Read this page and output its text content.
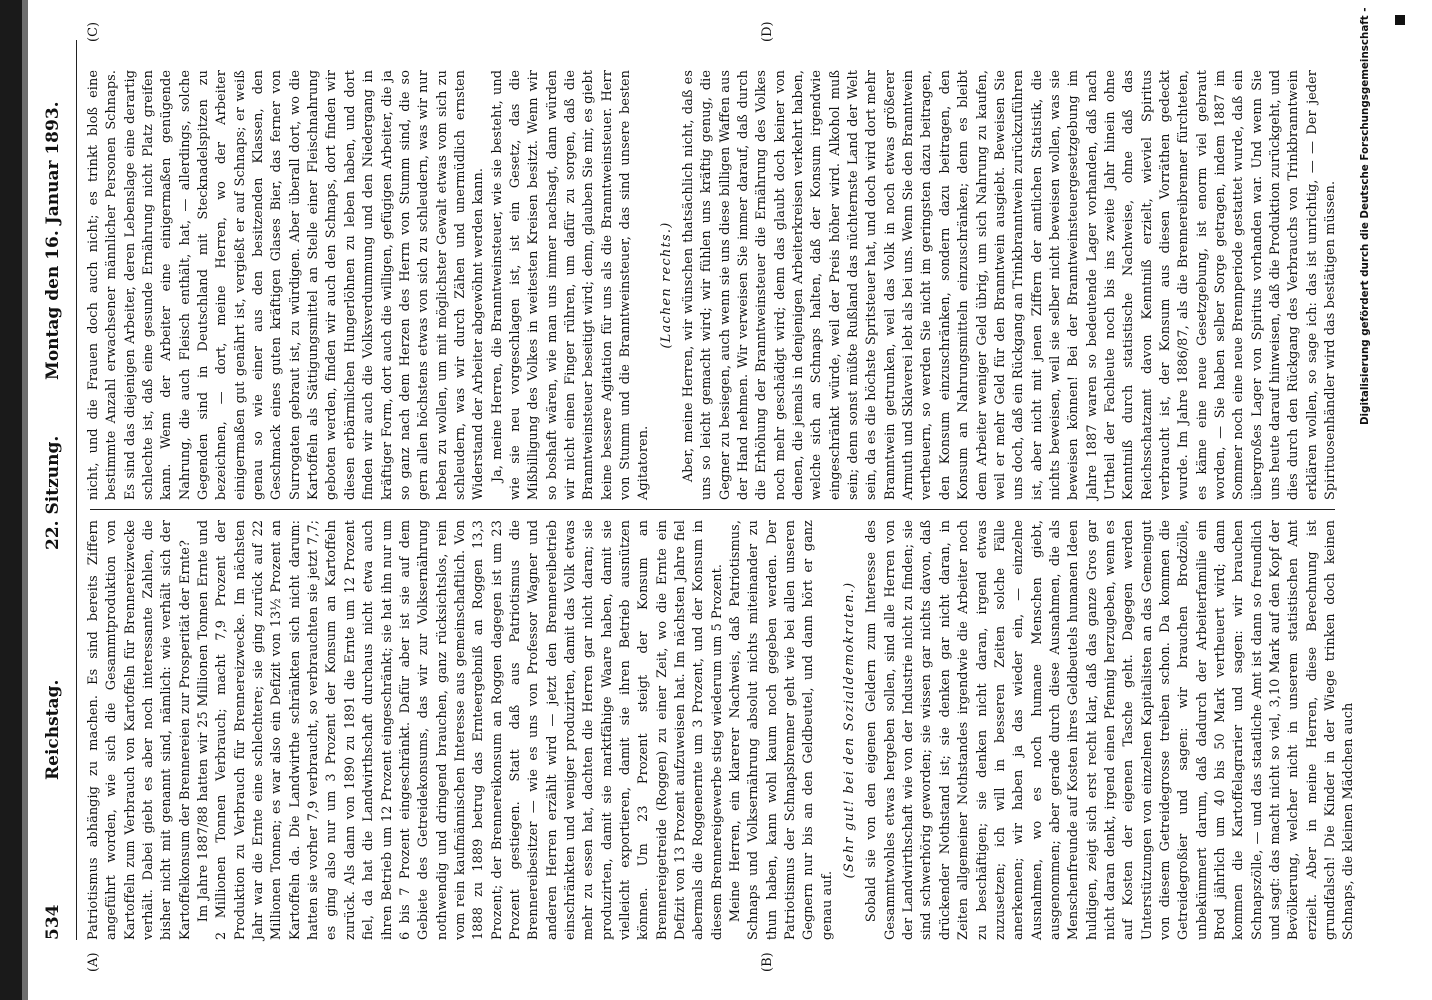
534
Reichstag.
22. Sitzung.
Montag den 16. Januar 1893.
(A)	(B)
(C)	(D)

Patriotismus abhängig zu machen. Es sind bereits Ziffern angeführt worden, wie sich die Gesammtproduktion von Kartoffeln zum Verbrauch von Kartoffeln für Brennereizwecke verhält. Dabei giebt es aber noch interessante Zahlen, die bisher nicht mit genannt sind, nämlich: wie verhält sich der Kartoffelkonsum der Brennereien zur Prosperität der Ernte? Im Jahre 1887/88 hatten wir 25 Millionen Tonnen Ernte und 2 Millionen Tonnen Verbrauch; macht 7,9 Prozent der Produktion zu Verbrauch für Brennereizwecke. Im nächsten Jahr war die Ernte eine schlechtere; sie ging zurück auf 22 Millionen Tonnen; es war also ein Defizit von 13½ Prozent an Kartoffeln da. Die Landwirthe schränkten sich nicht darum: hatten sie vorher 7,9 verbraucht, so verbrauchten sie jetzt 7,7; es ging also nur um 3 Prozent der Konsum an Kartoffeln zurück. Als dann von 1890 zu 1891 die Ernte um 12 Prozent fiel, da hat die Landwirthschaft durchaus nicht etwa auch ihren Betrieb um 12 Prozent eingeschränkt; sie hat ihn nur um 6 bis 7 Prozent eingeschränkt. Dafür aber ist sie auf dem Gebiete des Getreidekonsums, das wir zur Volksernährung nothwendig und dringend brauchen, ganz rücksichtslos, rein vom rein kaufmännischen Interesse aus gemeinschaftlich. Von 1888 zu 1889 betrug das Ernteergebniß an Roggen 13,3 Prozent; der Brennereikonsum an Roggen dagegen ist um 23 Prozent gestiegen. Statt daß aus Patriotismus die Brennereibesitzer — wie es uns von Professor Wagner und anderen Herren erzählt wird — jetzt den Brennereibetrieb einschränkten und weniger produzirten, damit das Volk etwas mehr zu essen hat, dachten die Herren gar nicht daran; sie produzirten, damit sie marktfähige Waare haben, damit sie vielleicht exportieren, damit sie ihren Betrieb ausnützen können. Um 23 Prozent steigt der Konsum an Brennereigetreide (Roggen) zu einer Zeit, wo die Ernte ein Defizit von 13 Prozent aufzuweisen hat. Im nächsten Jahre fiel abermals die Roggenernte um 3 Prozent, und der Konsum in diesem Brennereigewerbe stieg wiederum um 5 Prozent. Meine Herren, ein klarerer Nachweis, daß Patriotismus, Schnaps und Volksernährung absolut nichts miteinander zu thun haben, kann wohl kaum noch gegeben werden. Der Patriotismus der Schnapsbrenner geht wie bei allen unseren Gegnern nur bis an den Geldbeutel, und dann hört er ganz genau auf.

(Sehr gut! bei den Sozialdemokraten.) Sobald sie von den eigenen Geldern zum Interesse des Gesammtwohles etwas hergeben sollen, sind alle Herren von der Landwirthschaft wie von der Industrie nicht zu finden; sie sind schwerhörig geworden; sie wissen gar nichts davon, daß drückender Nothstand ist; sie denken gar nicht daran, in Zeiten allgemeiner Nothstandes irgendwie die Arbeiter noch zu beschäftigen; sie denken nicht daran, irgend etwas zuzusetzen; ich will in besseren Zeiten solche Fälle anerkennen; wir haben ja das wieder ein, — einzelne Ausnahmen, wo es noch humane Menschen giebt, ausgenommen; aber gerade durch diese Ausnahmen, die als Menschenfreunde auf Kosten ihres Geldbeutels humanen Ideen huldigen, zeigt sich erst recht klar, daß das ganze Gros gar nicht daran denkt, irgend einen Pfennig herzugeben, wenn es auf Kosten der eigenen Tasche geht. Dagegen werden Unterstützungen von einzelnen Kapitalisten an das Gemeingut von diesem Getreidegrosse treiben schon. Da kommen die Getreidegroßier und sagen: wir brauchen Brodzölle, unbekümmert darum, daß dadurch der Arbeiterfamilie ein Brod jährlich um 40 bis 50 Mark vertheuert wird; dann kommen die Kartoffelagrarier und sagen: wir brauchen Schnapszölle, — und das staatliche Amt ist dann so freundlich und sagt: das macht nicht so viel, 3,10 Mark auf den Kopf der Bevölkerung, welcher nicht in unserem statistischen Amt erzielt. Aber in meine Herren, diese Berechnung ist grundfalsch! Die Kinder in der Wiege trinken doch keinen Schnaps, die kleinen Mädchen auch

nicht, und die Frauen doch auch nicht; es trinkt bloß eine bestimmte Anzahl erwachsener männlicher Personen Schnaps. Es sind das diejenigen Arbeiter, deren Lebenslage eine derartig schlechte ist, daß eine gesunde Ernährung nicht Platz greifen kann. Wenn der Arbeiter eine einigermaßen genügende Nahrung, die auch Fleisch enthält, hat, — allerdings, solche Gegenden sind in Deutschland mit Stecknadelspitzen zu bezeichnen, — dort, meine Herren, wo der Arbeiter einigermaßen gut genährt ist, vergießt er auf Schnaps; er weiß genau so wie einer aus den besitzenden Klassen, den Geschmack eines guten kräftigen Glases Bier, das ferner von Surrogaten gebraut ist, zu würdigen. Aber überall dort, wo die Kartoffeln als Sättigungsmittel an Stelle einer Fleischnahrung geboten werden, finden wir auch den Schnaps, dort finden wir diesen erbärmlichen Hungerlöhnen zu leben haben, und dort finden wir auch die Volksverdummung und den Niedergang in kräftiger Form, dort auch die willigen, gefügigen Arbeiter, die ja so ganz nach dem Herzen des Herrn von Stumm sind, die so gern allen höchstens etwas von sich zu schleudern, was wir nur heben zu wollen, um mit möglichster Gewalt etwas vom sich zu schleudern, was wir durch Zähen und unermüdlich ernsten Widerstand der Arbeiter abgewöhnt werden kann. Ja, meine Herren, die Branntweinsteuer, wie sie besteht, und wie sie neu vorgeschlagen ist, ist ein Gesetz, das die Mißbilligung des Volkes in weitesten Kreisen besitzt. Wenn wir so boshaft wären, wie man uns immer nachsagt, dann würden wir nicht einen Finger rühren, um dafür zu sorgen, daß die Branntweinsteuer beseitigt wird; denn, glauben Sie mir, es giebt keine bessere Agitation für uns als die Branntweinsteuer. Herr von Stumm und die Branntweinsteuer, das sind unsere besten Agitatoren.

(Lachen rechts.) Aber, meine Herren, wir wünschen thatsächlich nicht, daß es uns so leicht gemacht wird; wir fühlen uns kräftig genug, die Gegner zu besiegen, auch wenn sie uns diese billigen Waffen aus der Hand nehmen. Wir verweisen Sie immer darauf, daß durch die Erhöhung der Branntweinsteuer die Ernährung des Volkes noch mehr geschädigt wird; denn das glaubt doch keiner von denen, die jemals in denjenigen Arbeiterkreisen verkehrt haben, welche sich an Schnaps halten, daß der Konsum irgendwie eingeschränkt würde, weil der Preis höher wird. Alkohol muß sein; denn sonst müßte Rußland das nüchternste Land der Welt sein, da es die höchste Spritsteuer hat, und doch wird dort mehr Branntwein getrunken, weil das Volk in noch etwas größerer Armuth und Sklaverei lebt als bei uns. Wenn Sie den Branntwein vertheuern, so werden Sie nicht im geringsten dazu beitragen, den Konsum einzuschränken, sondern dazu beitragen, den Konsum an Nahrungsmitteln einzuschränken; denn es bleibt dem Arbeiter weniger Geld übrig, um sich Nahrung zu kaufen, weil er mehr Geld für den Branntwein ausgiebt. Beweisen Sie uns doch, daß ein Rückgang an Trinkbranntwein zurückzuführen ist, aber nicht mit jenen Ziffern der amtlichen Statistik, die nichts beweisen, weil sie selber nicht beweisen wollen, was sie beweisen können! Bei der Branntweinsteuergesetzgebung im Jahre 1887 waren so bedeutende Lager vorhanden, daß nach Urtheil der Fachleute noch bis ins zweite Jahr hinein ohne Kenntniß durch statistische Nachweise, ohne daß das Reichsschatzamt davon Kenntniß erzielt, wieviel Spiritus verbraucht ist, der Konsum aus diesen Vorräthen gedeckt wurde. Im Jahre 1886/87, als die Brennereibrenner fürchteten, es käme eine neue Gesetzgebung, ist enorm viel gebraut worden, — Sie haben selber Sorge getragen, indem 1887 im Sommer noch eine neue Brennperiode gestattet wurde, daß ein übergroßes Lager von Spiritus vorhanden war. Und wenn Sie uns heute darauf hinweisen, daß die Produktion zurückgeht, und dies durch den Rückgang des Verbrauchs von Trinkbranntwein erklären wollen, so sage ich: das ist unrichtig, — — Der jeder Spirituosenhändler wird das bestätigen müssen. Digitalisierung gefördert durch die Deutsche Forschungsgemeinschaft -
